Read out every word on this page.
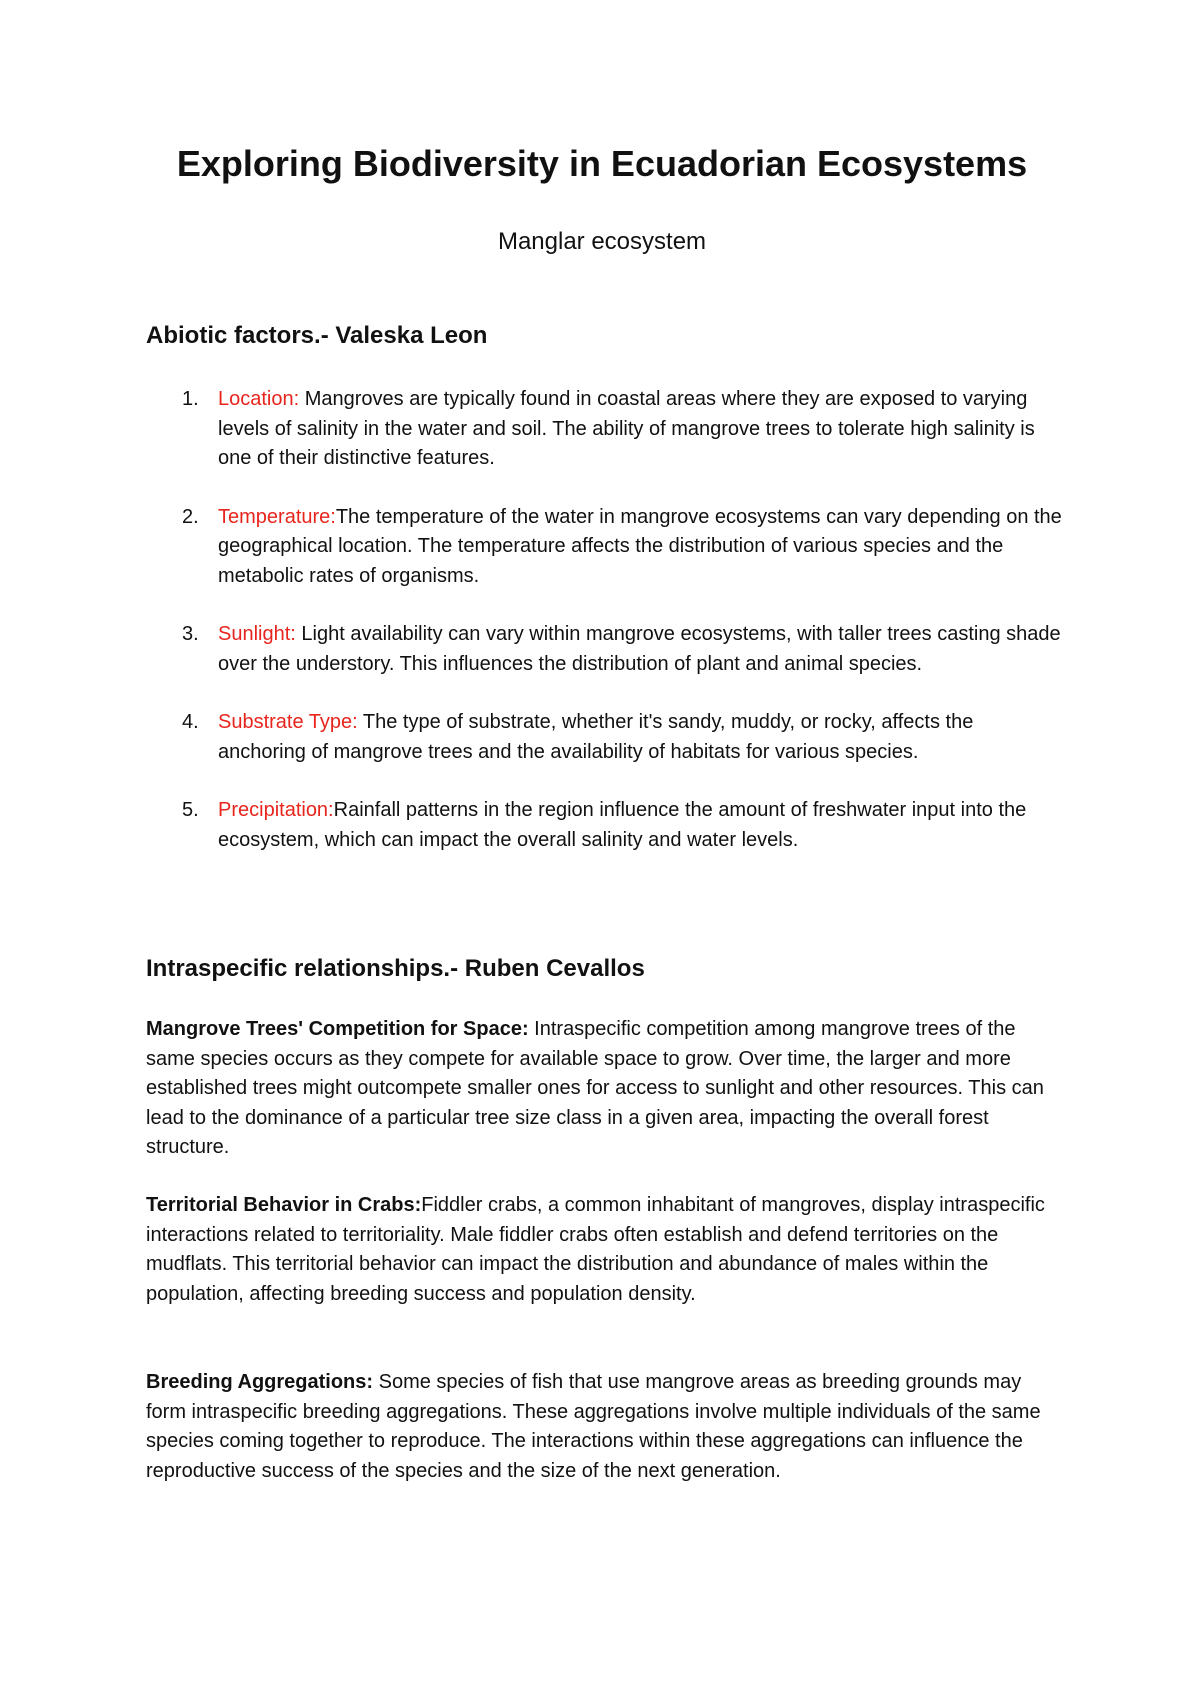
Exploring Biodiversity in Ecuadorian Ecosystems

Manglar ecosystem

Abiotic factors.- Valeska Leon
1. Location: Mangroves are typically found in coastal areas where they are exposed to varying levels of salinity in the water and soil. The ability of mangrove trees to tolerate high salinity is one of their distinctive features.
2. Temperature:The temperature of the water in mangrove ecosystems can vary depending on the geographical location. The temperature affects the distribution of various species and the metabolic rates of organisms.
3. Sunlight: Light availability can vary within mangrove ecosystems, with taller trees casting shade over the understory. This influences the distribution of plant and animal species.
4. Substrate Type: The type of substrate, whether it's sandy, muddy, or rocky, affects the anchoring of mangrove trees and the availability of habitats for various species.
5. Precipitation:Rainfall patterns in the region influence the amount of freshwater input into the ecosystem, which can impact the overall salinity and water levels.
Intraspecific relationships.- Ruben Cevallos

Mangrove Trees' Competition for Space: Intraspecific competition among mangrove trees of the same species occurs as they compete for available space to grow. Over time, the larger and more established trees might outcompete smaller ones for access to sunlight and other resources. This can lead to the dominance of a particular tree size class in a given area, impacting the overall forest structure.

Territorial Behavior in Crabs:Fiddler crabs, a common inhabitant of mangroves, display intraspecific interactions related to territoriality. Male fiddler crabs often establish and defend territories on the mudflats. This territorial behavior can impact the distribution and abundance of males within the population, affecting breeding success and population density.

Breeding Aggregations: Some species of fish that use mangrove areas as breeding grounds may form intraspecific breeding aggregations. These aggregations involve multiple individuals of the same species coming together to reproduce. The interactions within these aggregations can influence the reproductive success of the species and the size of the next generation.
